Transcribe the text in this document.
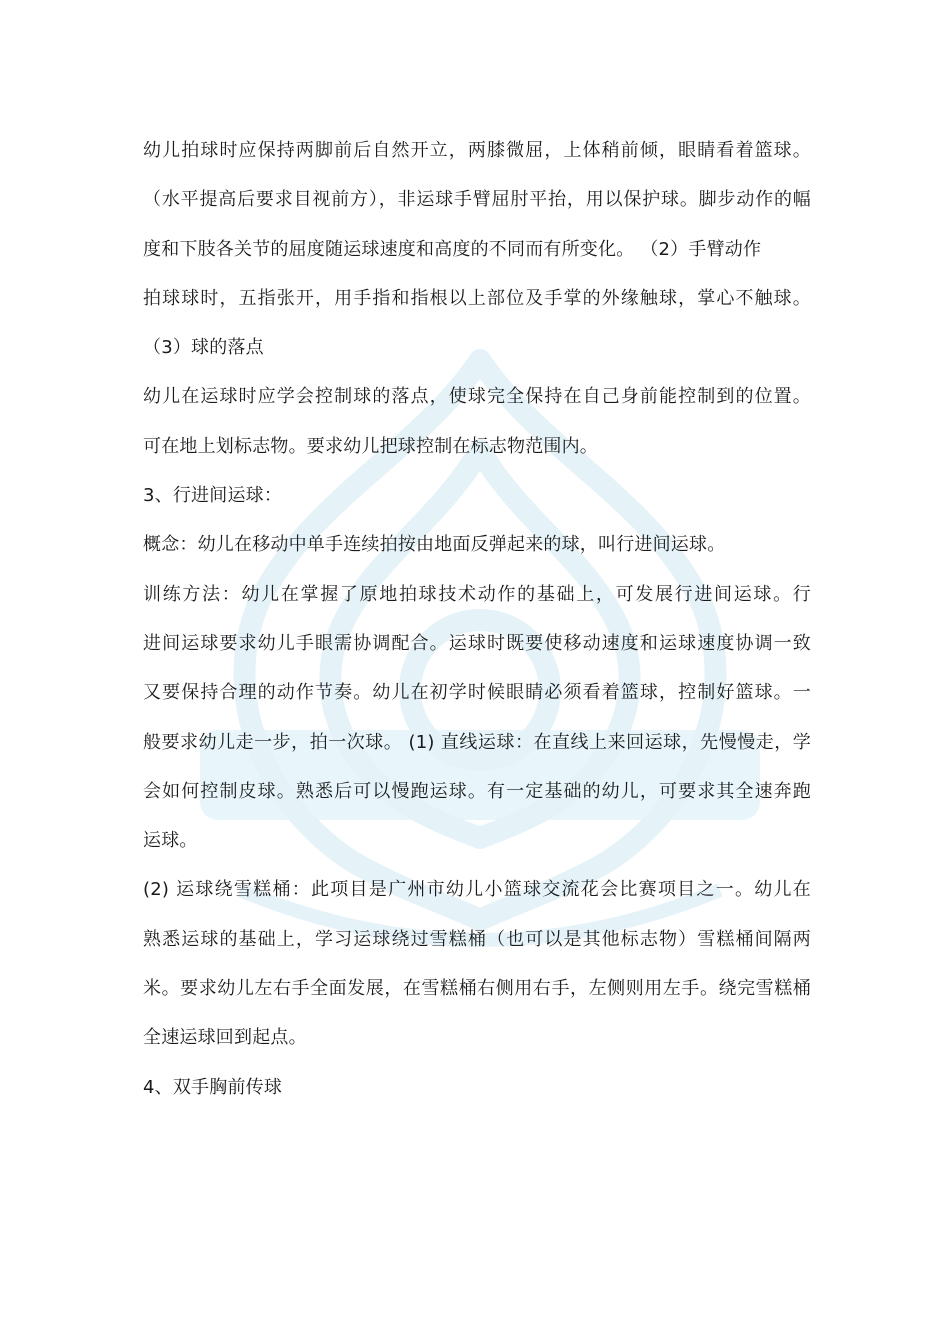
幼儿拍球时应保持两脚前后自然开立，两膝微屈，上体稍前倾，眼睛看着篮球。
（水平提高后要求目视前方），非运球手臂屈肘平抬，用以保护球。脚步动作的幅
度和下肢各关节的屈度随运球速度和高度的不同而有所变化。 （2）手臂动作
拍球球时，五指张开，用手指和指根以上部位及手掌的外缘触球，掌心不触球。
（3）球的落点
幼儿在运球时应学会控制球的落点，使球完全保持在自己身前能控制到的位置。
可在地上划标志物。要求幼儿把球控制在标志物范围内。
3、行进间运球：
概念：幼儿在移动中单手连续拍按由地面反弹起来的球，叫行进间运球。
训练方法：幼儿在掌握了原地拍球技术动作的基础上，可发展行进间运球。行
进间运球要求幼儿手眼需协调配合。运球时既要使移动速度和运球速度协调一致
又要保持合理的动作节奏。幼儿在初学时候眼睛必须看着篮球，控制好篮球。一
般要求幼儿走一步，拍一次球。 (1) 直线运球：在直线上来回运球，先慢慢走，学
会如何控制皮球。熟悉后可以慢跑运球。有一定基础的幼儿，可要求其全速奔跑
运球。
(2) 运球绕雪糕桶：此项目是广州市幼儿小篮球交流花会比赛项目之一。幼儿在
熟悉运球的基础上，学习运球绕过雪糕桶（也可以是其他标志物）雪糕桶间隔两
米。要求幼儿左右手全面发展，在雪糕桶右侧用右手，左侧则用左手。绕完雪糕桶
全速运球回到起点。
4、双手胸前传球
